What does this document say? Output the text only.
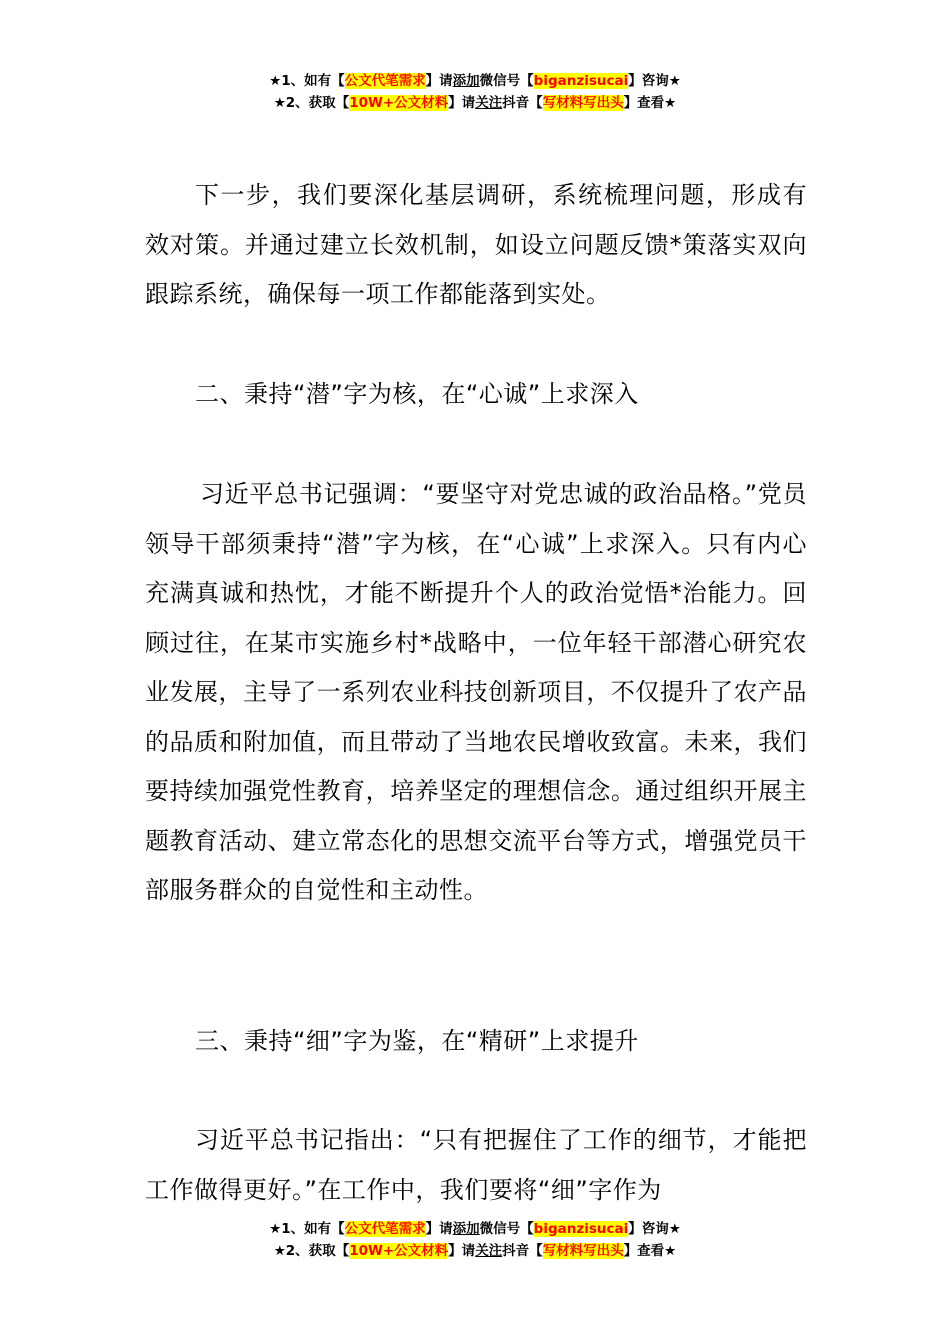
★1、如有【公文代笔需求】请添加微信号【biganzisucai】咨询★
★2、获取【10W+公文材料】请关注抖音【写材料写出头】查看★

下一步，我们要深化基层调研，系统梳理问题，形成有效对策。并通过建立长效机制，如设立问题反馈*策落实双向跟踪系统，确保每一项工作都能落到实处。

二、秉持“潜”字为核，在“心诚”上求深入

习近平总书记强调：“要坚守对党忠诚的政治品格。”党员领导干部须秉持“潜”字为核，在“心诚”上求深入。只有内心充满真诚和热忱，才能不断提升个人的政治觉悟*治能力。回顾过往，在某市实施乡村*战略中，一位年轻干部潜心研究农业发展，主导了一系列农业科技创新项目，不仅提升了农产品的品质和附加值，而且带动了当地农民增收致富。未来，我们要持续加强党性教育，培养坚定的理想信念。通过组织开展主题教育活动、建立常态化的思想交流平台等方式，增强党员干部服务群众的自觉性和主动性。

三、秉持“细”字为鉴，在“精研”上求提升

习近平总书记指出：“只有把握住了工作的细节，才能把工作做得更好。”在工作中，我们要将“细”字作为

★1、如有【公文代笔需求】请添加微信号【biganzisucai】咨询★
★2、获取【10W+公文材料】请关注抖音【写材料写出头】查看★
